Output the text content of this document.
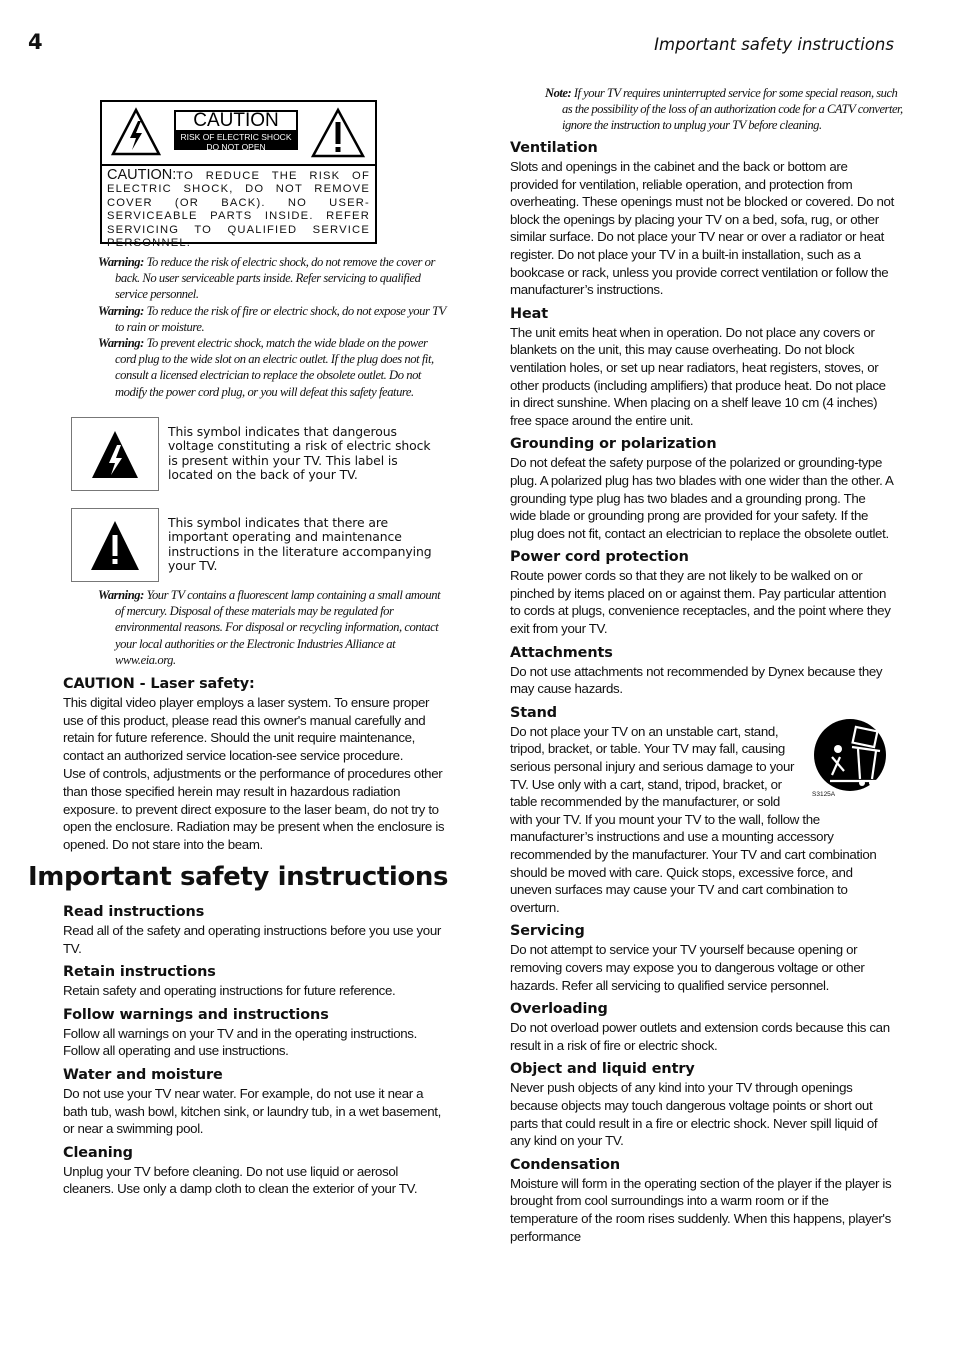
4	Important safety instructions
CAUTION
RISK OF ELECTRIC SHOCK
DO NOT OPEN
CAUTION:TO REDUCE THE RISK OF ELECTRIC SHOCK, DO NOT REMOVE COVER (OR BACK). NO USER-SERVICEABLE PARTS INSIDE. REFER SERVICING TO QUALIFIED SERVICE PERSONNEL.

Warning: To reduce the risk of electric shock, do not remove the cover or back. No user serviceable parts inside. Refer servicing to qualified service personnel.

Warning: To reduce the risk of fire or electric shock, do not expose your TV to rain or moisture.

Warning: To prevent electric shock, match the wide blade on the power cord plug to the wide slot on an electric outlet. If the plug does not fit, consult a licensed electrician to replace the obsolete outlet. Do not modify the power cord plug, or you will defeat this safety feature.

This symbol indicates that dangerous voltage constituting a risk of electric shock is present within your TV. This label is located on the back of your TV.
This symbol indicates that there are important operating and maintenance instructions in the literature accompanying your TV.

Warning: Your TV contains a fluorescent lamp containing a small amount of mercury. Disposal of these materials may be regulated for environmental reasons. For disposal or recycling information, contact your local authorities or the Electronic Industries Alliance at www.eia.org.

CAUTION - Laser safety:

This digital video player employs a laser system. To ensure proper use of this product, please read this owner's manual carefully and retain for future reference. Should the unit require maintenance, contact an authorized service location-see service procedure.

Use of controls, adjustments or the performance of procedures other than those specified herein may result in hazardous radiation exposure. to prevent direct exposure to the laser beam, do not try to open the enclosure. Radiation may be present when the enclosure is opened. Do not stare into the beam.

Important safety instructions
Read instructions

Read all of the safety and operating instructions before you use your TV.

Retain instructions

Retain safety and operating instructions for future reference.

Follow warnings and instructions

Follow all warnings on your TV and in the operating instructions. Follow all operating and use instructions.

Water and moisture

Do not use your TV near water. For example, do not use it near a bath tub, wash bowl, kitchen sink, or laundry tub, in a wet basement, or near a swimming pool.

Cleaning

Unplug your TV before cleaning. Do not use liquid or aerosol cleaners. Use only a damp cloth to clean the exterior of your TV.

Note: If your TV requires uninterrupted service for some special reason, such as the possibility of the loss of an authorization code for a CATV converter, ignore the instruction to unplug your TV before cleaning.
Ventilation

Slots and openings in the cabinet and the back or bottom are provided for ventilation, reliable operation, and protection from overheating. These openings must not be blocked or covered. Do not block the openings by placing your TV on a bed, sofa, rug, or other similar surface. Do not place your TV near or over a radiator or heat register. Do not place your TV in a built-in installation, such as a bookcase or rack, unless you provide correct ventilation or follow the manufacturer’s instructions.

Heat

The unit emits heat when in operation. Do not place any covers or blankets on the unit, this may cause overheating. Do not block ventilation holes, or set up near radiators, heat registers, stoves, or other products (including amplifiers) that produce heat. Do not place in direct sunshine. When placing on a shelf leave 10 cm (4 inches) free space around the entire unit.

Grounding or polarization

Do not defeat the safety purpose of the polarized or grounding-type plug. A polarized plug has two blades with one wider than the other. A grounding type plug has two blades and a grounding prong. The wide blade or grounding prong are provided for your safety. If the plug does not fit, contact an electrician to replace the obsolete outlet.

Power cord protection

Route power cords so that they are not likely to be walked on or pinched by items placed on or against them. Pay particular attention to cords at plugs, convenience receptacles, and the point where they exit from your TV.

Attachments

Do not use attachments not recommended by Dynex because they may cause hazards.

Stand
S3125A

Do not place your TV on an unstable cart, stand, tripod, bracket, or table. Your TV may fall, causing serious personal injury and serious damage to your TV. Use only with a cart, stand, tripod, bracket, or table recommended by the manufacturer, or sold with your TV. If you mount your TV to the wall, follow the manufacturer’s instructions and use a mounting accessory recommended by the manufacturer. Your TV and cart combination should be moved with care. Quick stops, excessive force, and uneven surfaces may cause your TV and cart combination to overturn.

Servicing

Do not attempt to service your TV yourself because opening or removing covers may expose you to dangerous voltage or other hazards. Refer all servicing to qualified service personnel.

Overloading

Do not overload power outlets and extension cords because this can result in a risk of fire or electric shock.

Object and liquid entry

Never push objects of any kind into your TV through openings because objects may touch dangerous voltage points or short out parts that could result in a fire or electric shock. Never spill liquid of any kind on your TV.

Condensation

Moisture will form in the operating section of the player if the player is brought from cool surroundings into a warm room or if the temperature of the room rises suddenly. When this happens, player's performance
